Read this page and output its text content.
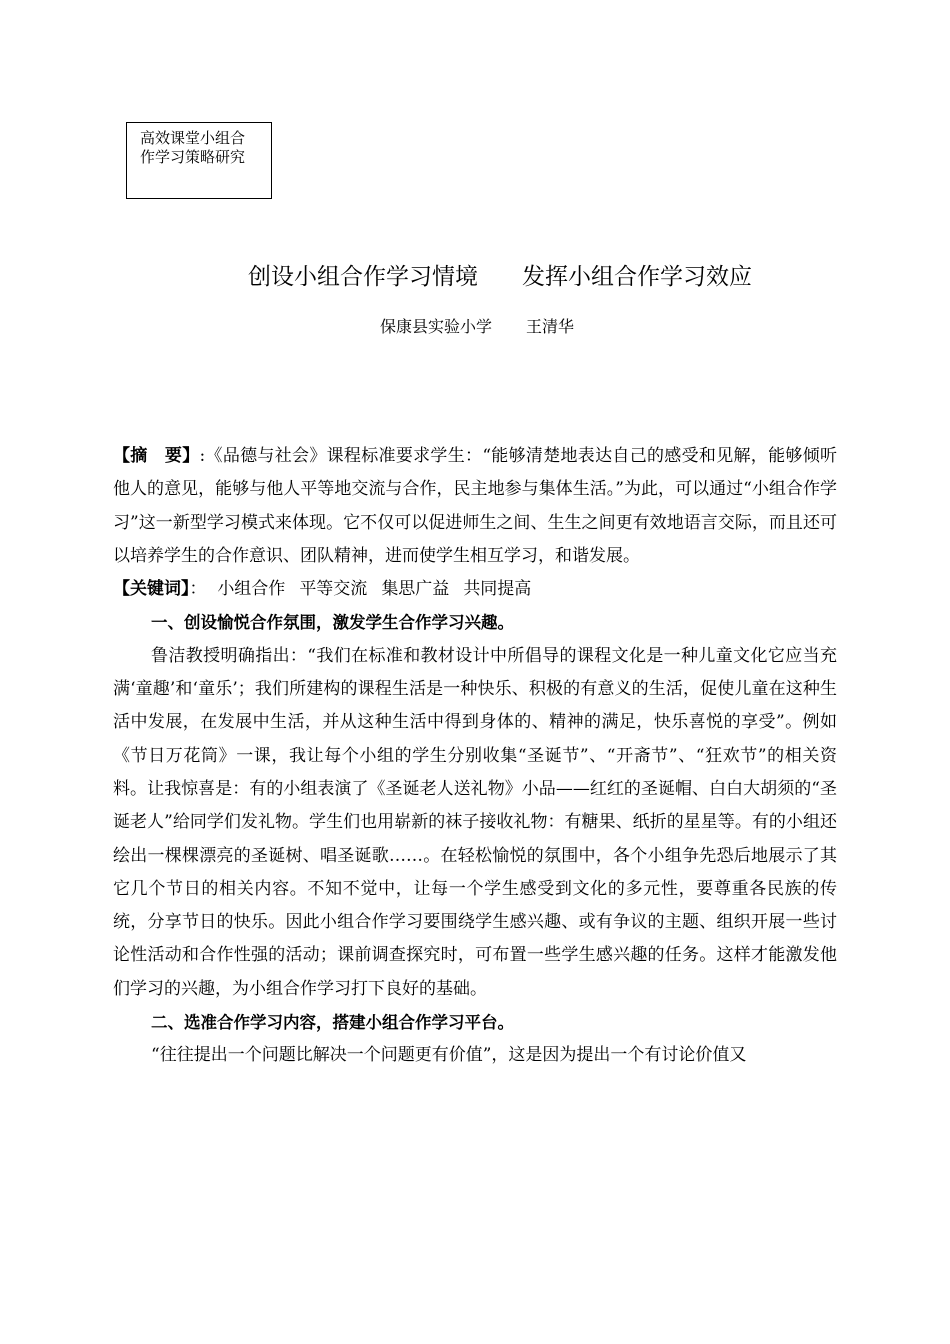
高效课堂小组合
作学习策略研究
创设小组合作学习情境 发挥小组合作学习效应
保康县实验小学 王清华

【摘　要】:《品德与社会》课程标准要求学生：“能够清楚地表达自己的感受和见解，能够倾听他人的意见，能够与他人平等地交流与合作，民主地参与集体生活。”为此，可以通过“小组合作学习”这一新型学习模式来体现。它不仅可以促进师生之间、生生之间更有效地语言交际，而且还可以培养学生的合作意识、团队精神，进而使学生相互学习，和谐发展。

【关键词】： 小组合作 平等交流 集思广益 共同提高

一、创设愉悦合作氛围，激发学生合作学习兴趣。

鲁洁教授明确指出：“我们在标准和教材设计中所倡导的课程文化是一种儿童文化它应当充满‘童趣’和‘童乐’；我们所建构的课程生活是一种快乐、积极的有意义的生活，促使儿童在这种生活中发展，在发展中生活，并从这种生活中得到身体的、精神的满足，快乐喜悦的享受”。例如《节日万花筒》一课，我让每个小组的学生分别收集“圣诞节”、“开斋节”、“狂欢节”的相关资料。让我惊喜是：有的小组表演了《圣诞老人送礼物》小品——红红的圣诞帽、白白大胡须的“圣诞老人”给同学们发礼物。学生们也用崭新的袜子接收礼物：有糖果、纸折的星星等。有的小组还绘出一棵棵漂亮的圣诞树、唱圣诞歌……。在轻松愉悦的氛围中，各个小组争先恐后地展示了其它几个节日的相关内容。不知不觉中，让每一个学生感受到文化的多元性，要尊重各民族的传统，分享节日的快乐。因此小组合作学习要围绕学生感兴趣、或有争议的主题、组织开展一些讨论性活动和合作性强的活动；课前调查探究时，可布置一些学生感兴趣的任务。这样才能激发他们学习的兴趣，为小组合作学习打下良好的基础。

二、选准合作学习内容，搭建小组合作学习平台。

“往往提出一个问题比解决一个问题更有价值”，这是因为提出一个有讨论价值又
